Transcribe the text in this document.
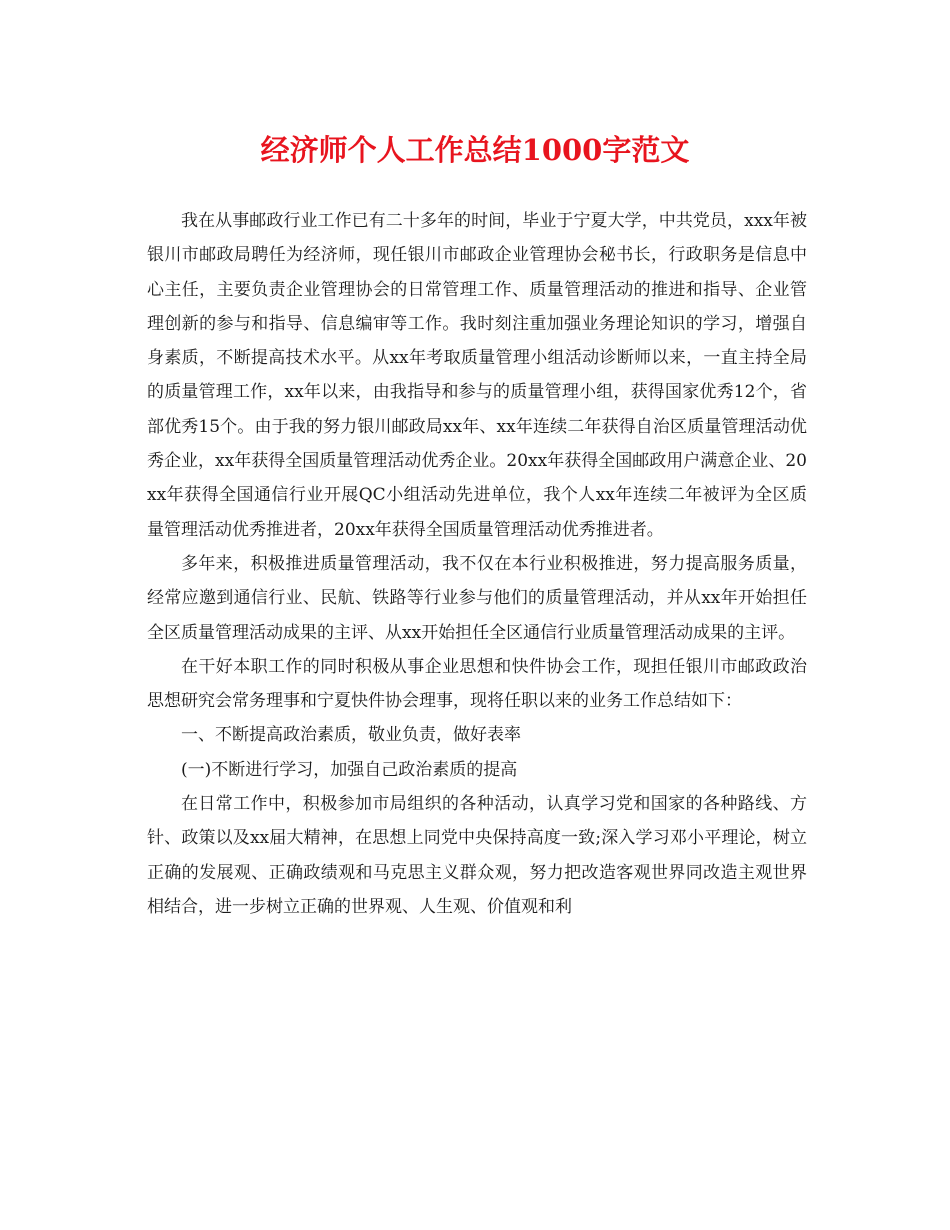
经济师个人工作总结1000字范文

我在从事邮政行业工作已有二十多年的时间，毕业于宁夏大学，中共党员，xxx年被银川市邮政局聘任为经济师，现任银川市邮政企业管理协会秘书长，行政职务是信息中心主任，主要负责企业管理协会的日常管理工作、质量管理活动的推进和指导、企业管理创新的参与和指导、信息编审等工作。我时刻注重加强业务理论知识的学习，增强自身素质，不断提高技术水平。从xx年考取质量管理小组活动诊断师以来，一直主持全局的质量管理工作，xx年以来，由我指导和参与的质量管理小组，获得国家优秀12个，省部优秀15个。由于我的努力银川邮政局xx年、xx年连续二年获得自治区质量管理活动优秀企业，xx年获得全国质量管理活动优秀企业。20xx年获得全国邮政用户满意企业、20xx年获得全国通信行业开展QC小组活动先进单位，我个人xx年连续二年被评为全区质量管理活动优秀推进者，20xx年获得全国质量管理活动优秀推进者。

多年来，积极推进质量管理活动，我不仅在本行业积极推进，努力提高服务质量，经常应邀到通信行业、民航、铁路等行业参与他们的质量管理活动，并从xx年开始担任全区质量管理活动成果的主评、从xx开始担任全区通信行业质量管理活动成果的主评。

在干好本职工作的同时积极从事企业思想和快件协会工作，现担任银川市邮政政治思想研究会常务理事和宁夏快件协会理事，现将任职以来的业务工作总结如下：

一、不断提高政治素质，敬业负责，做好表率

(一)不断进行学习，加强自己政治素质的提高

在日常工作中，积极参加市局组织的各种活动，认真学习党和国家的各种路线、方针、政策以及xx届大精神，在思想上同党中央保持高度一致;深入学习邓小平理论，树立正确的发展观、正确政绩观和马克思主义群众观，努力把改造客观世界同改造主观世界相结合，进一步树立正确的世界观、人生观、价值观和利
